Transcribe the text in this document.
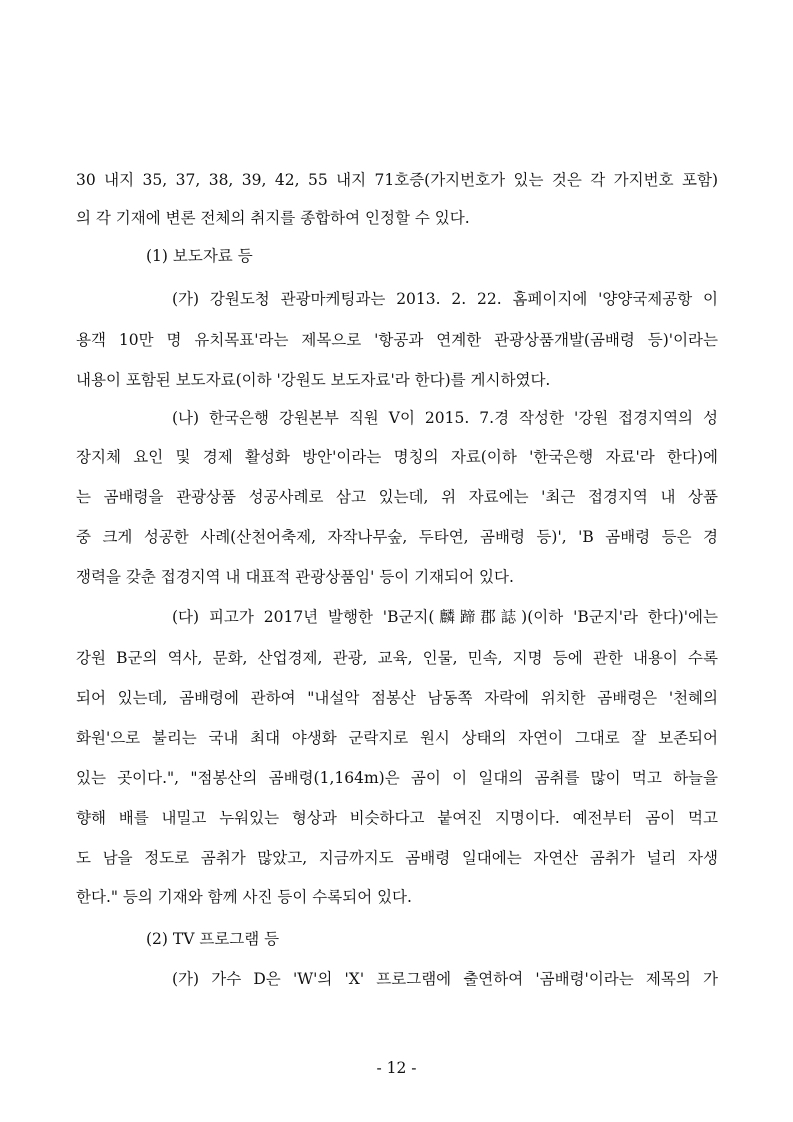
30 내지 35, 37, 38, 39, 42, 55 내지 71호증(가지번호가 있는 것은 각 가지번호 포함)
의 각 기재에 변론 전체의 취지를 종합하여 인정할 수 있다.
(1) 보도자료 등
(가) 강원도청 관광마케팅과는 2013. 2. 22. 홈페이지에 '양양국제공항 이
용객 10만 명 유치목표'라는 제목으로 '항공과 연계한 관광상품개발(곰배령 등)'이라는
내용이 포함된 보도자료(이하 '강원도 보도자료'라 한다)를 게시하였다.
(나) 한국은행 강원본부 직원 V이 2015. 7.경 작성한 '강원 접경지역의 성
장지체 요인 및 경제 활성화 방안'이라는 명칭의 자료(이하 '한국은행 자료'라 한다)에
는 곰배령을 관광상품 성공사례로 삼고 있는데, 위 자료에는 '최근 접경지역 내 상품
중 크게 성공한 사례(산천어축제, 자작나무숲, 두타연, 곰배령 등)', 'B 곰배령 등은 경
쟁력을 갖춘 접경지역 내 대표적 관광상품임' 등이 기재되어 있다.
(다) 피고가 2017년 발행한 'B군지(麟蹄郡誌)(이하 'B군지'라 한다)'에는
강원 B군의 역사, 문화, 산업경제, 관광, 교육, 인물, 민속, 지명 등에 관한 내용이 수록
되어 있는데, 곰배령에 관하여 "내설악 점봉산 남동쪽 자락에 위치한 곰배령은 '천혜의
화원'으로 불리는 국내 최대 야생화 군락지로 원시 상태의 자연이 그대로 잘 보존되어
있는 곳이다.", "점봉산의 곰배령(1,164m)은 곰이 이 일대의 곰취를 많이 먹고 하늘을
향해 배를 내밀고 누워있는 형상과 비슷하다고 붙여진 지명이다. 예전부터 곰이 먹고
도 남을 정도로 곰취가 많았고, 지금까지도 곰배령 일대에는 자연산 곰취가 널리 자생
한다." 등의 기재와 함께 사진 등이 수록되어 있다.
(2) TV 프로그램 등
(가) 가수 D은 'W'의 'X' 프로그램에 출연하여 '곰배령'이라는 제목의 가
- 12 -
